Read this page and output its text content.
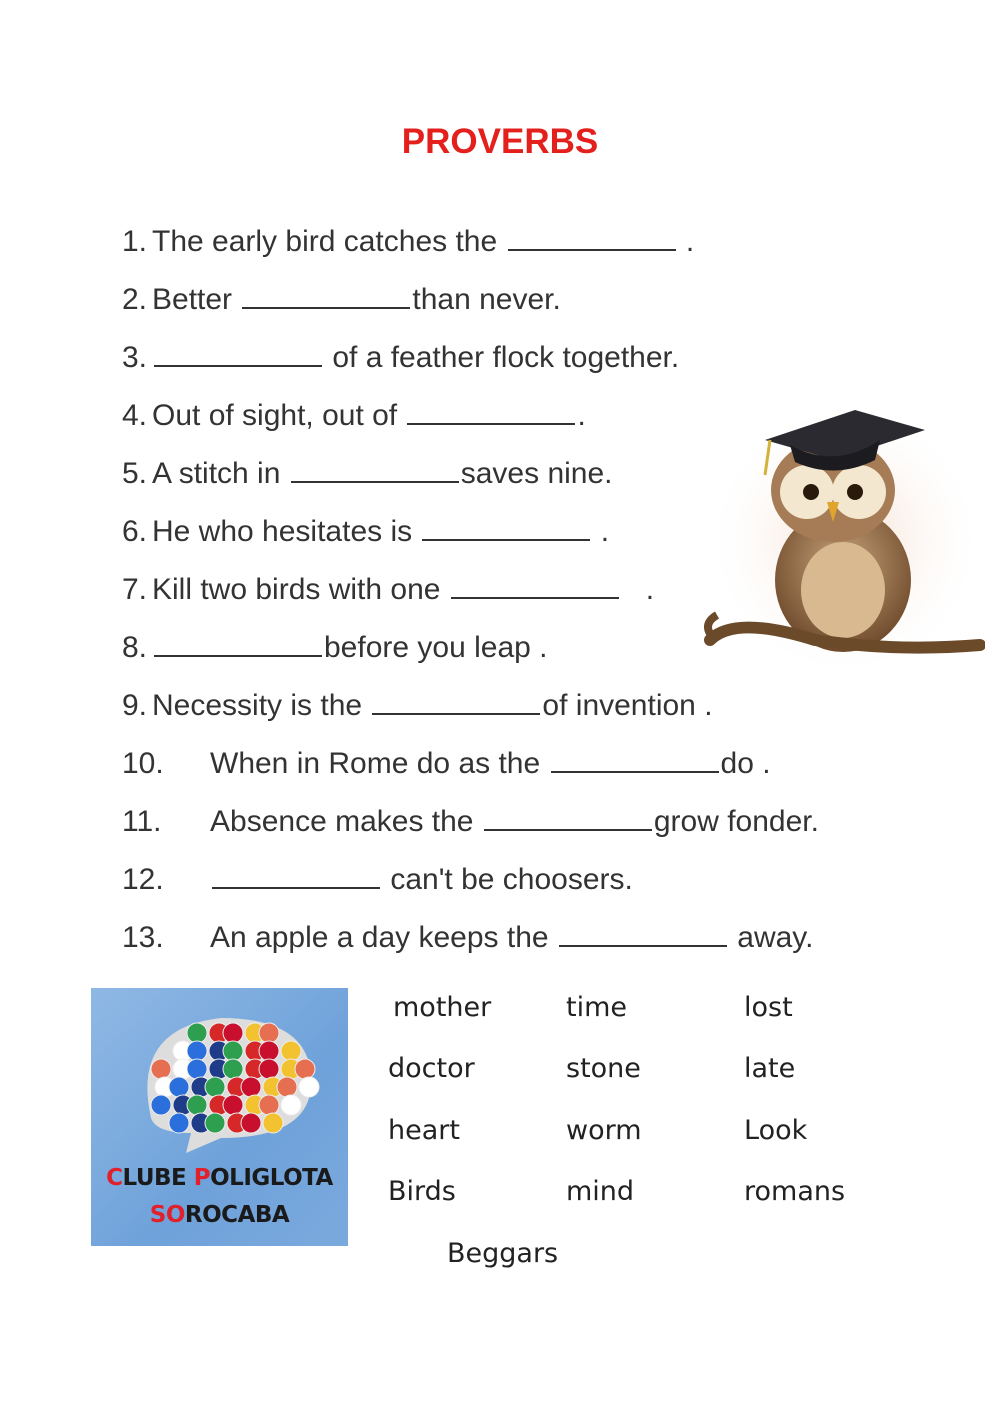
PROVERBS
1. The early bird catches the	.
2. Better	than never.
3.	of a feather flock together.
4. Out of sight, out of	.
5. A stitch in	saves nine.
6. He who hesitates is	.
7. Kill two birds with one	.
8.	before you leap .
9. Necessity is the	of invention .
10. When in Rome do as the	do .
11. Absence makes the	grow fonder.
12.	can't be choosers.
13. An apple a day keeps the	away.
mother	time	lost
doctor	stone	late
heart	worm	Look
Birds	mind	romans
Beggars
CLUBE POLIGLOTA
SOROCABA
